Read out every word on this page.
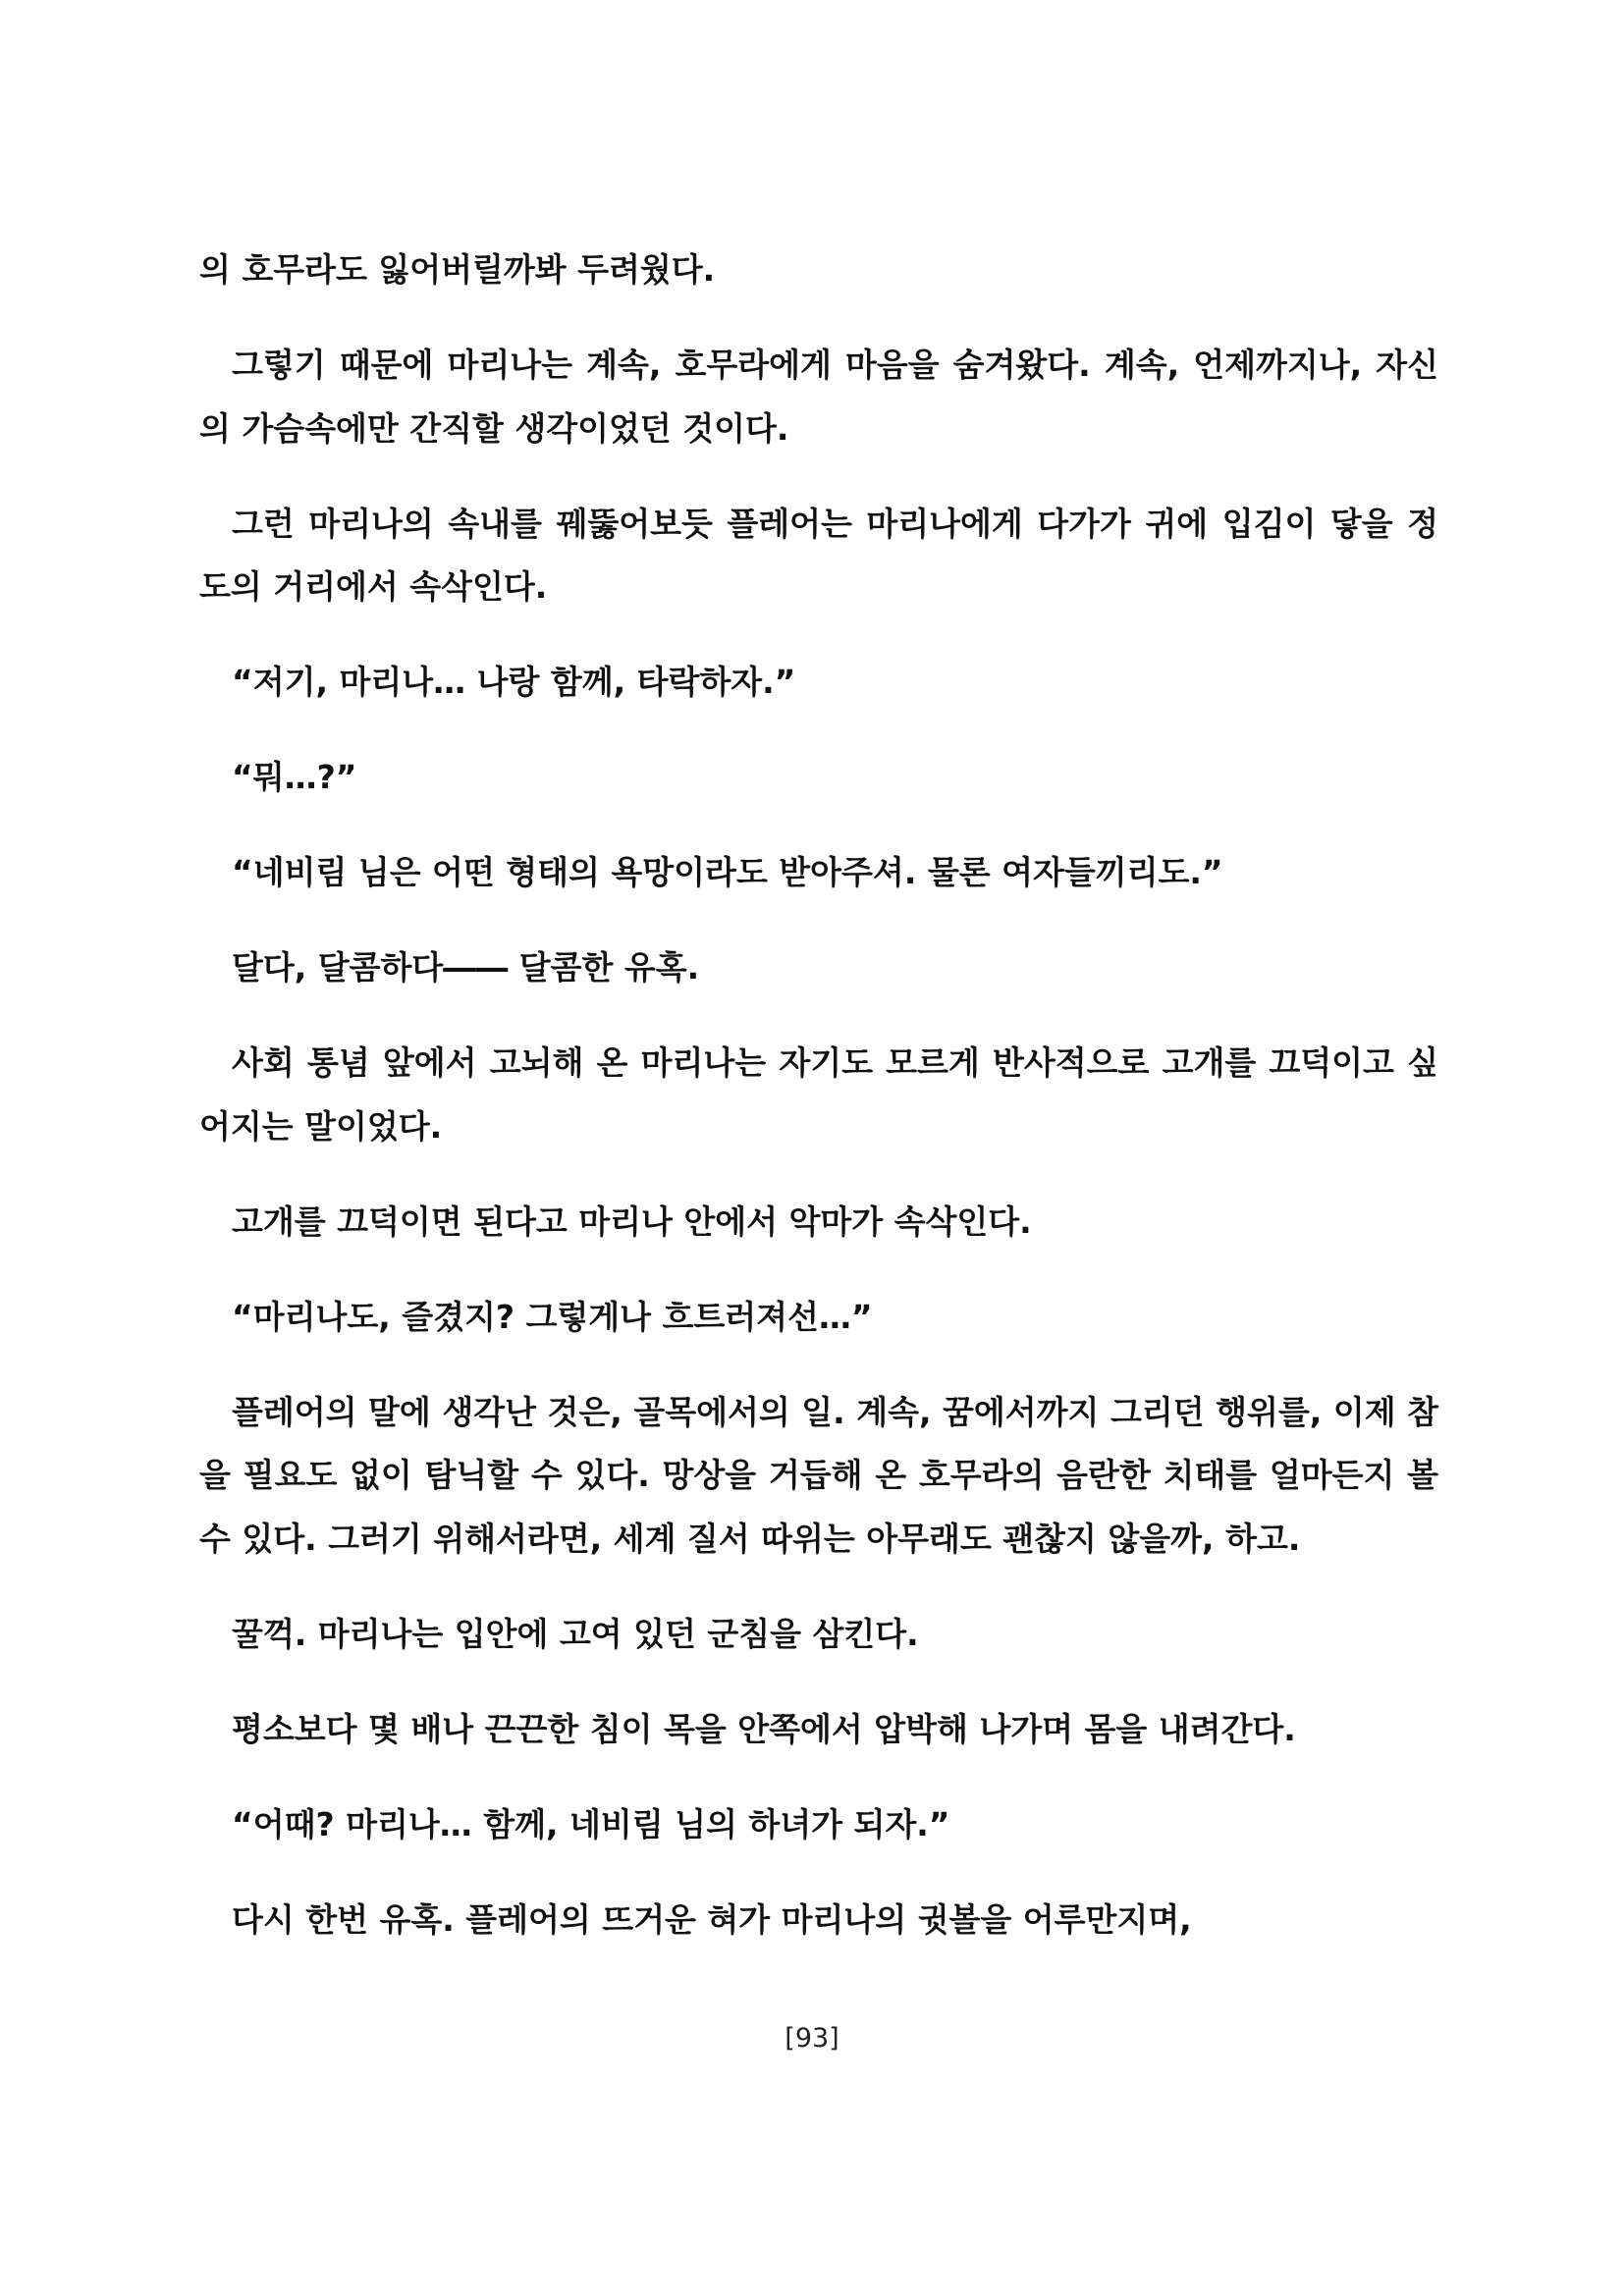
의 호무라도 잃어버릴까봐 두려웠다.

그렇기 때문에 마리나는 계속, 호무라에게 마음을 숨겨왔다. 계속, 언제까지나, 자신의 가슴속에만 간직할 생각이었던 것이다.

그런 마리나의 속내를 꿰뚫어보듯 플레어는 마리나에게 다가가 귀에 입김이 닿을 정도의 거리에서 속삭인다.

“저기, 마리나… 나랑 함께, 타락하자.”

“뭐…?”

“네비림 님은 어떤 형태의 욕망이라도 받아주셔. 물론 여자들끼리도.”

달다, 달콤하다―― 달콤한 유혹.

사회 통념 앞에서 고뇌해 온 마리나는 자기도 모르게 반사적으로 고개를 끄덕이고 싶어지는 말이었다.

고개를 끄덕이면 된다고 마리나 안에서 악마가 속삭인다.

“마리나도, 즐겼지? 그렇게나 흐트러져선…”

플레어의 말에 생각난 것은, 골목에서의 일. 계속, 꿈에서까지 그리던 행위를, 이제 참을 필요도 없이 탐닉할 수 있다. 망상을 거듭해 온 호무라의 음란한 치태를 얼마든지 볼 수 있다. 그러기 위해서라면, 세계 질서 따위는 아무래도 괜찮지 않을까, 하고.

꿀꺽. 마리나는 입안에 고여 있던 군침을 삼킨다.

평소보다 몇 배나 끈끈한 침이 목을 안쪽에서 압박해 나가며 몸을 내려간다.

“어때? 마리나… 함께, 네비림 님의 하녀가 되자.”

다시 한번 유혹. 플레어의 뜨거운 혀가 마리나의 귓볼을 어루만지며,

[93]
